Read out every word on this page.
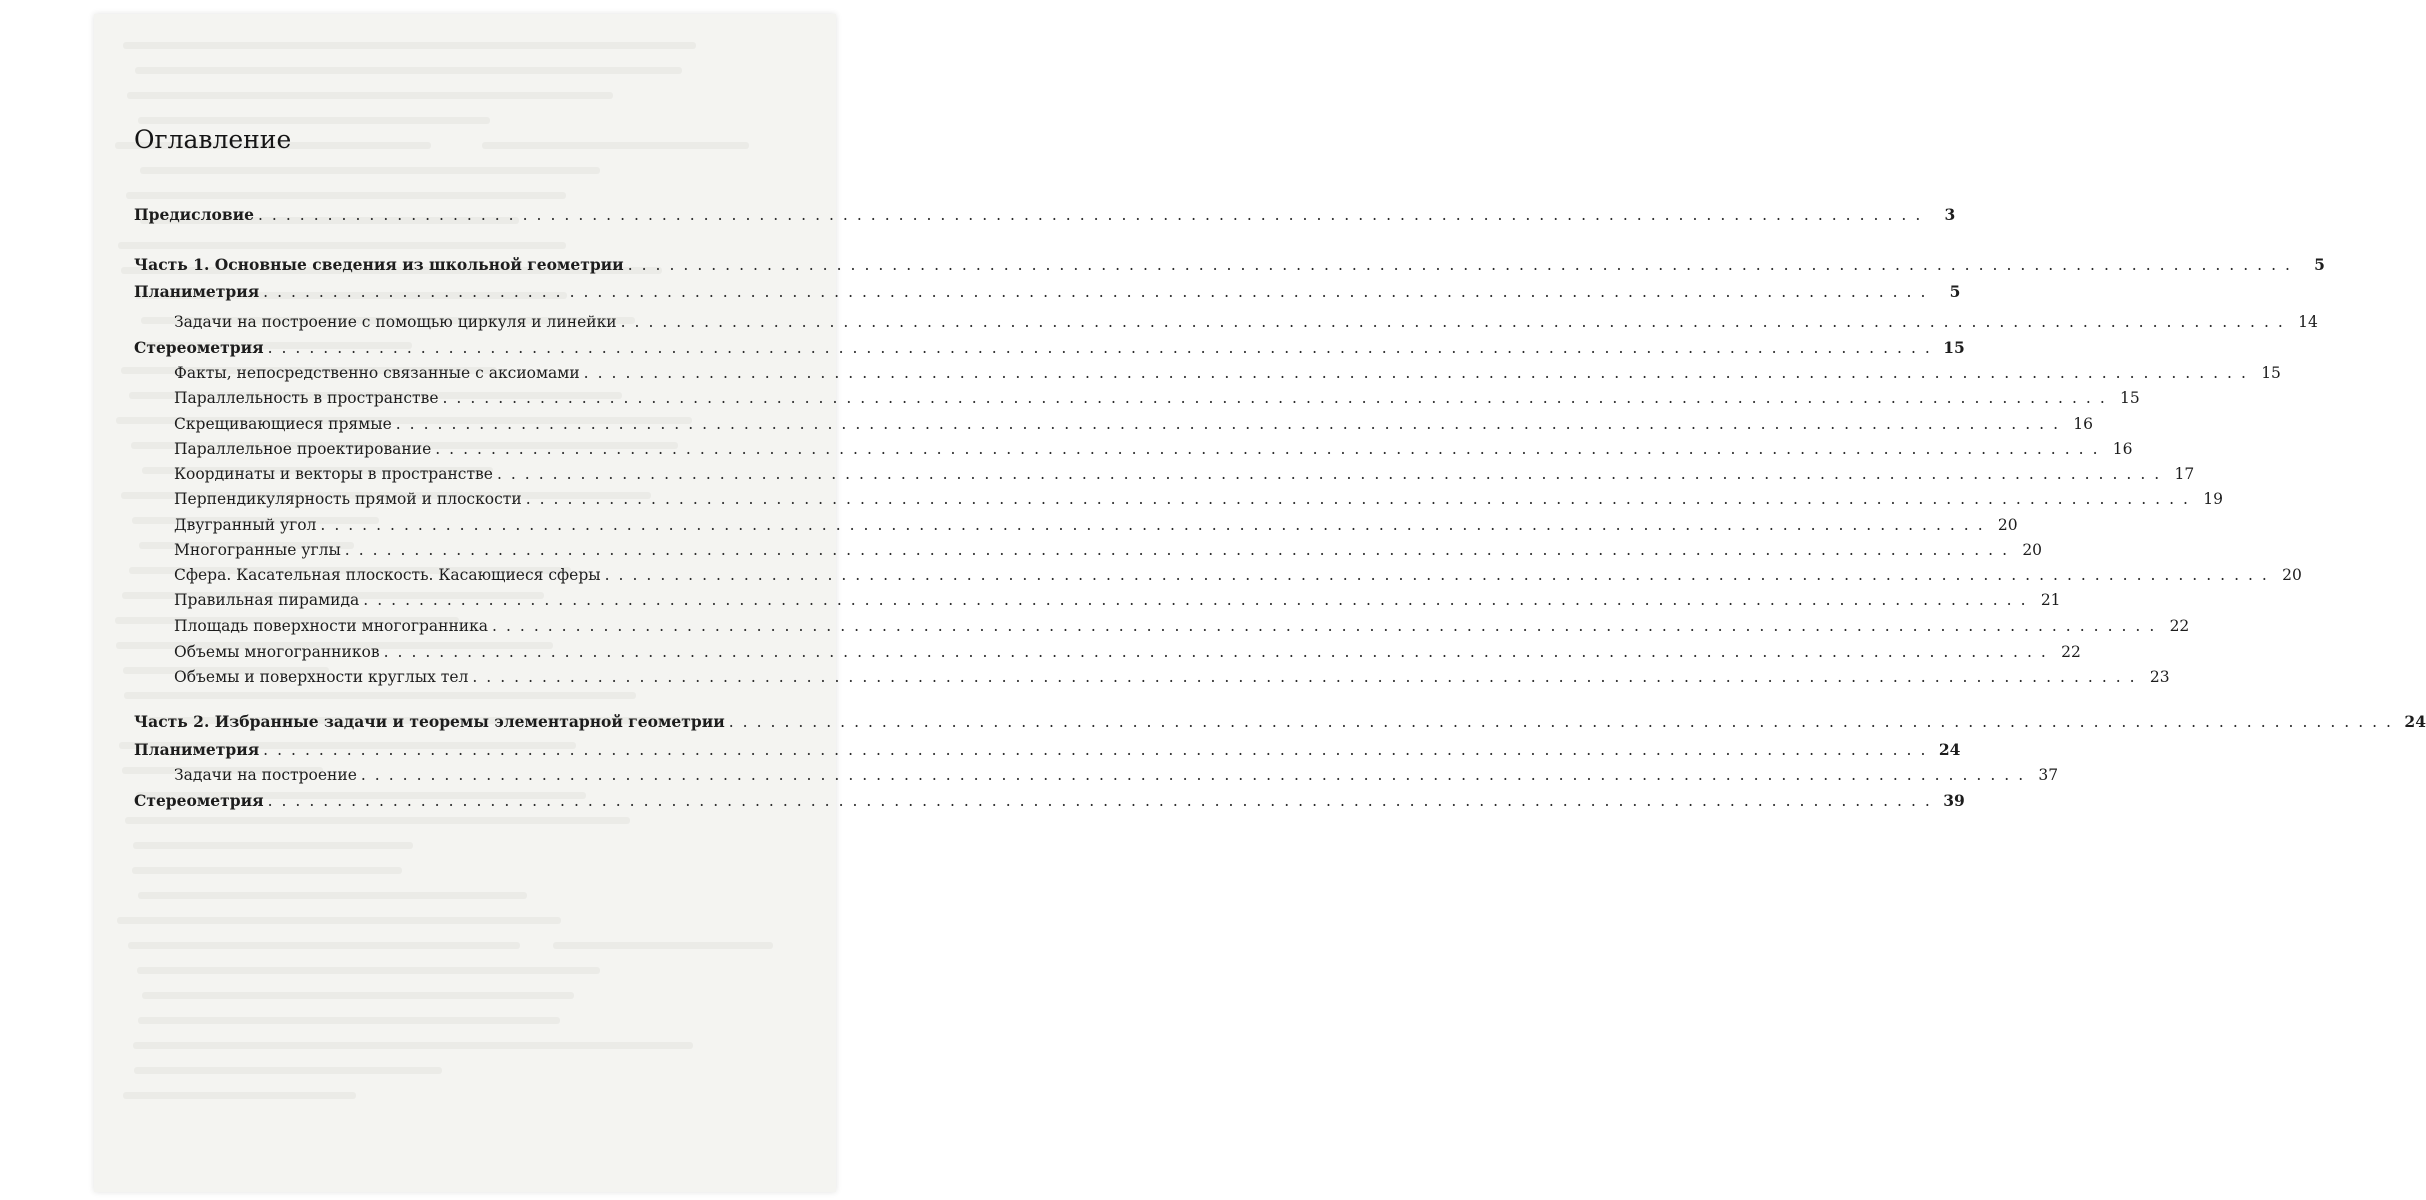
Оглавление
Предисловие ........................................................................................................................ 3
Часть 1. Основные сведения из школьной геометрии ........................................................................................................................ 5
Планиметрия ........................................................................................................................ 5
Задачи на построение с помощью циркуля и линейки ........................................................................................................................ 14
Стереометрия ........................................................................................................................ 15
Факты, непосредственно связанные с аксиомами ........................................................................................................................ 15
Параллельность в пространстве ........................................................................................................................ 15
Скрещивающиеся прямые ........................................................................................................................ 16
Параллельное проектирование ........................................................................................................................ 16
Координаты и векторы в пространстве ........................................................................................................................ 17
Перпендикулярность прямой и плоскости ........................................................................................................................ 19
Двугранный угол ........................................................................................................................ 20
Многогранные углы ........................................................................................................................ 20
Сфера. Касательная плоскость. Касающиеся сферы ........................................................................................................................ 20
Правильная пирамида ........................................................................................................................ 21
Площадь поверхности многогранника ........................................................................................................................ 22
Объемы многогранников ........................................................................................................................ 22
Объемы и поверхности круглых тел ........................................................................................................................ 23
Часть 2. Избранные задачи и теоремы элементарной геометрии ........................................................................................................................ 24
Планиметрия ........................................................................................................................ 24
Задачи на построение ........................................................................................................................ 37
Стереометрия ........................................................................................................................ 39
